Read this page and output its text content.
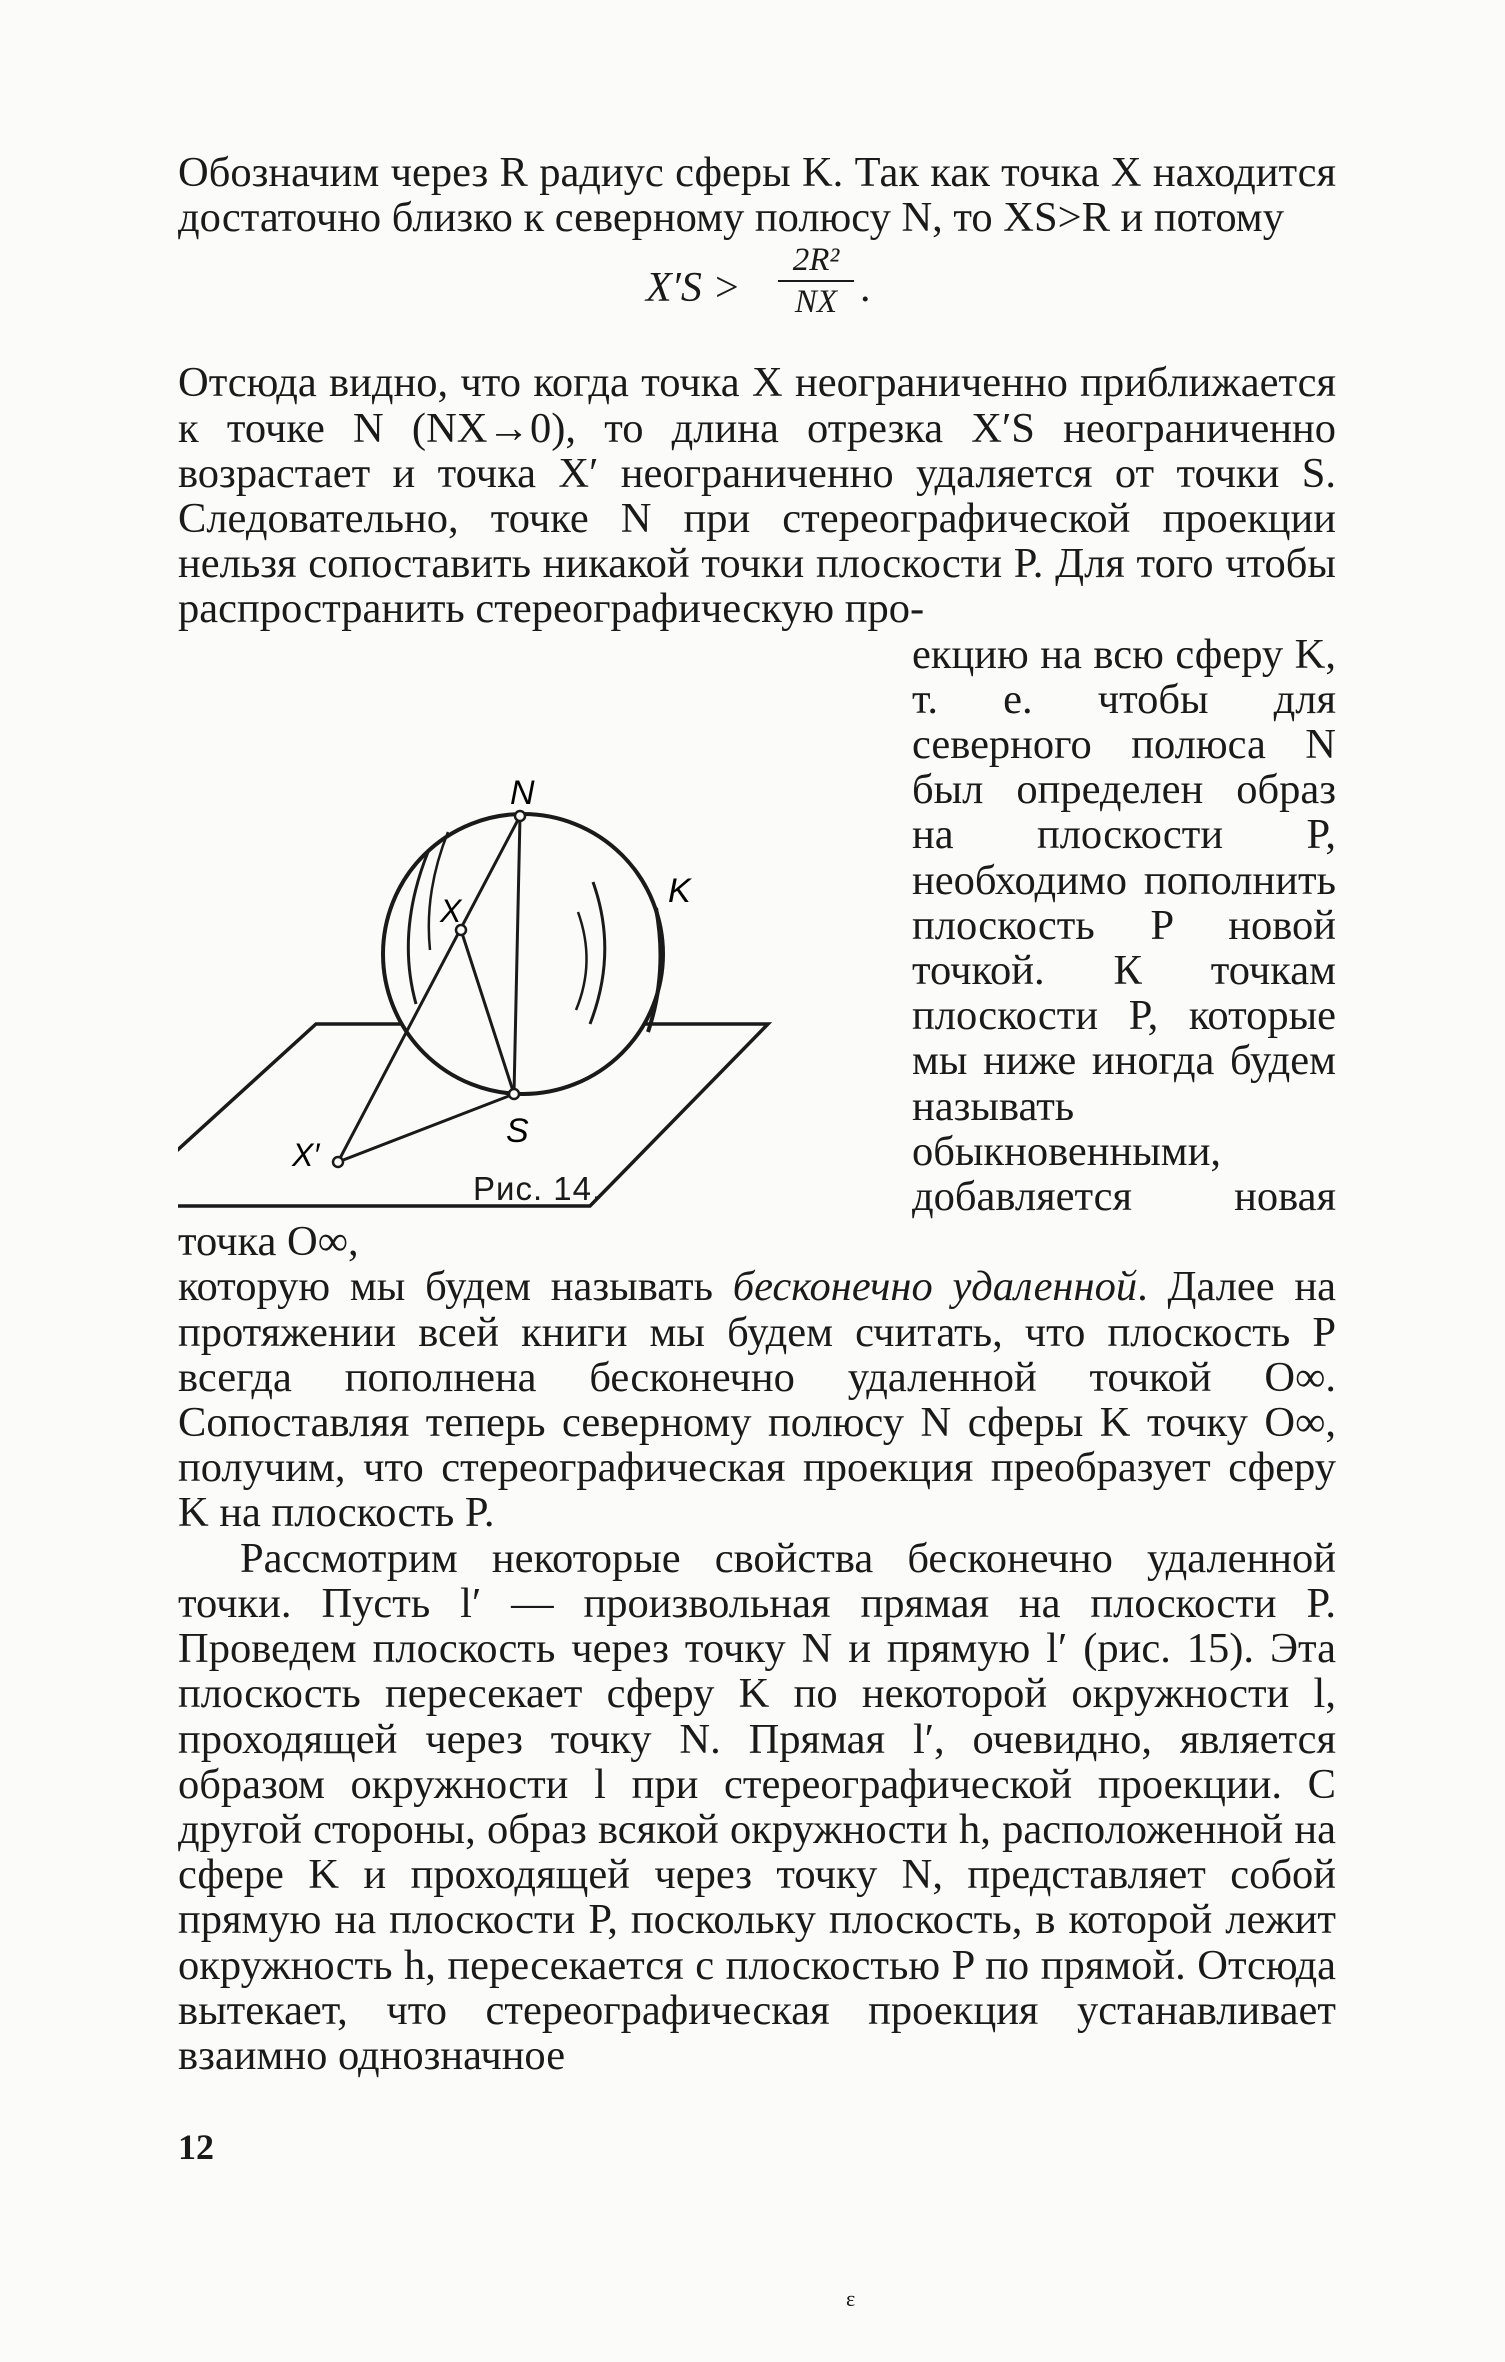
Обозначим через R радиус сферы K. Так как точка X находится достаточно близко к северному полюсу N, то XS>R и потому

X′S >
2R²
NX .

Отсюда видно, что когда точка X неограниченно приближается к точке N (NX→0), то длина отрезка X′S неограниченно возрастает и точка X′ неограниченно удаляется от точки S. Следовательно, точке N при стереографической проекции нельзя сопоставить никакой точки плоскости P. Для того чтобы распространить стереографическую про-

N
K
X
X′
S
Рис. 14.

екцию на всю сферу K, т. е. чтобы для северного полюса N был определен образ на плоскости P, необходимо пополнить плоскость P новой точкой. К точкам плоскости P, которые мы ниже иногда будем называть обыкновенными, добавляется новая точка O∞,

которую мы будем называть бесконечно удаленной. Далее на протяжении всей книги мы будем считать, что плоскость P всегда пополнена бесконечно удаленной точкой O∞. Сопоставляя теперь северному полюсу N сферы K точку O∞, получим, что стереографическая проекция преобразует сферу K на плоскость P.

Рассмотрим некоторые свойства бесконечно удаленной точки. Пусть l′ — произвольная прямая на плоскости P. Проведем плоскость через точку N и прямую l′ (рис. 15). Эта плоскость пересекает сферу K по некоторой окружности l, проходящей через точку N. Прямая l′, очевидно, является образом окружности l при стереографической проекции. С другой стороны, образ всякой окружности h, расположенной на сфере K и проходящей через точку N, представляет собой прямую на плоскости P, поскольку плоскость, в которой лежит окружность h, пересекается с плоскостью P по прямой. Отсюда вытекает, что стереографическая проекция устанавливает взаимно однозначное

12
ɛ
